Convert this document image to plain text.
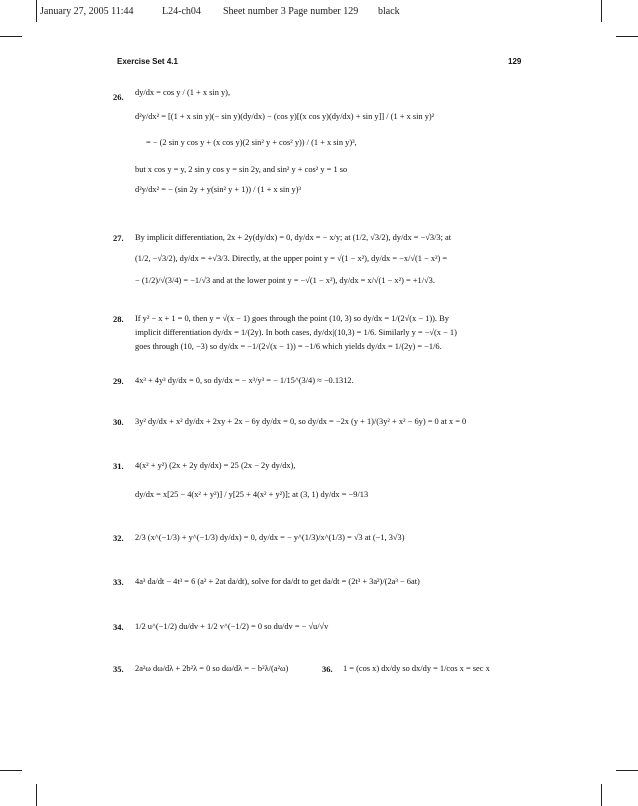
January 27, 2005 11:44	L24-ch04 Sheet number 3 Page number 129 black
Exercise Set 4.1	129
26. dy/dx = cos y / (1 + x sin y),
d²y/dx² = [(1 + x sin y)(− sin y)(dy/dx) − (cos y)[(x cos y)(dy/dx) + sin y]] / (1 + x sin y)²
= − (2 sin y cos y + (x cos y)(2 sin² y + cos² y)) / (1 + x sin y)³,
but x cos y = y, 2 sin y cos y = sin 2y, and sin² y + cos² y = 1 so
d²y/dx² = − (sin 2y + y(sin² y + 1)) / (1 + x sin y)³
27. By implicit differentiation, 2x + 2y(dy/dx) = 0, dy/dx = − x/y; at (1/2, √3/2), dy/dx = −√3/3; at
(1/2, −√3/2), dy/dx = +√3/3. Directly, at the upper point y = √(1 − x²), dy/dx = −x/√(1 − x²) =
− (1/2)/√(3/4) = −1/√3 and at the lower point y = −√(1 − x²), dy/dx = x/√(1 − x²) = +1/√3.
28. If y² − x + 1 = 0, then y = √(x − 1) goes through the point (10, 3) so dy/dx = 1/(2√(x − 1)). By
implicit differentiation dy/dx = 1/(2y). In both cases, dy/dx|(10,3) = 1/6. Similarly y = −√(x − 1)
goes through (10, −3) so dy/dx = −1/(2√(x − 1)) = −1/6 which yields dy/dx = 1/(2y) = −1/6.
29. 4x³ + 4y³ dy/dx = 0, so dy/dx = − x³/y³ = − 1/15^(3/4) ≈ −0.1312.
30. 3y² dy/dx + x² dy/dx + 2xy + 2x − 6y dy/dx = 0, so dy/dx = −2x (y + 1)/(3y² + x² − 6y) = 0 at x = 0
31. 4(x² + y²) (2x + 2y dy/dx) = 25 (2x − 2y dy/dx),
dy/dx = x[25 − 4(x² + y²)] / y[25 + 4(x² + y²)]; at (3, 1) dy/dx = −9/13
32. 2/3 (x^(−1/3) + y^(−1/3) dy/dx) = 0, dy/dx = − y^(1/3)/x^(1/3) = √3 at (−1, 3√3)
33. 4a³ da/dt − 4t³ = 6 (a² + 2at da/dt), solve for da/dt to get da/dt = (2t³ + 3a²)/(2a³ − 6at)
34. 1/2 u^(−1/2) du/dv + 1/2 v^(−1/2) = 0 so du/dv = − √u/√v
35. 2a²ω dω/dλ + 2b²λ = 0 so dω/dλ = − b²λ/(a²ω)	36. 1 = (cos x) dx/dy so dx/dy = 1/cos x = sec x
